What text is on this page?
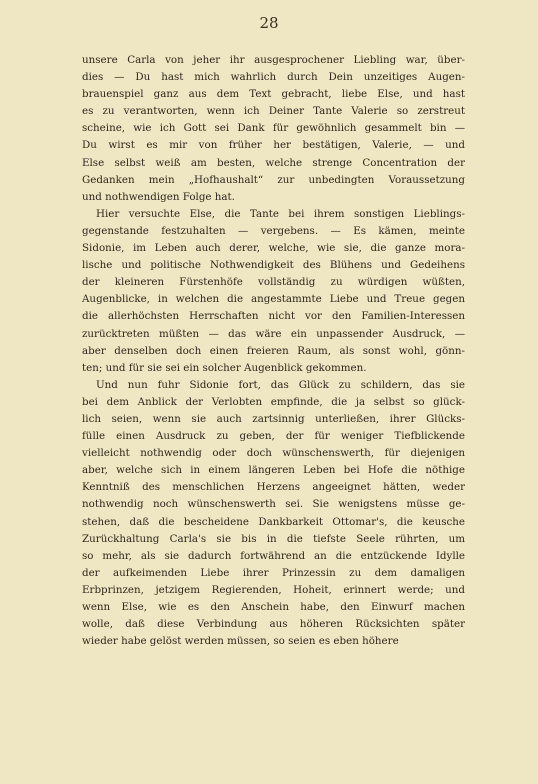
28
unsere Carla von jeher ihr ausgesprochener Liebling war, über-
dies — Du hast mich wahrlich durch Dein unzeitiges Augen-
brauenspiel ganz aus dem Text gebracht, liebe Else, und hast
es zu verantworten, wenn ich Deiner Tante Valerie so zerstreut
scheine, wie ich Gott sei Dank für gewöhnlich gesammelt bin —
Du wirst es mir von früher her bestätigen, Valerie, — und
Else selbst weiß am besten, welche strenge Concentration der
Gedanken mein „Hofhaushalt“ zur unbedingten Voraussetzung
und nothwendigen Folge hat.
Hier versuchte Else, die Tante bei ihrem sonstigen Lieblings-
gegenstande festzuhalten — vergebens. — Es kämen, meinte
Sidonie, im Leben auch derer, welche, wie sie, die ganze mora-
lische und politische Nothwendigkeit des Blühens und Gedeihens
der kleineren Fürstenhöfe vollständig zu würdigen wüßten,
Augenblicke, in welchen die angestammte Liebe und Treue gegen
die allerhöchsten Herrschaften nicht vor den Familien-Interessen
zurücktreten müßten — das wäre ein unpassender Ausdruck, —
aber denselben doch einen freieren Raum, als sonst wohl, gönn-
ten; und für sie sei ein solcher Augenblick gekommen.
Und nun fuhr Sidonie fort, das Glück zu schildern, das sie
bei dem Anblick der Verlobten empfinde, die ja selbst so glück-
lich seien, wenn sie auch zartsinnig unterließen, ihrer Glücks-
fülle einen Ausdruck zu geben, der für weniger Tiefblickende
vielleicht nothwendig oder doch wünschenswerth, für diejenigen
aber, welche sich in einem längeren Leben bei Hofe die nöthige
Kenntniß des menschlichen Herzens angeeignet hätten, weder
nothwendig noch wünschenswerth sei. Sie wenigstens müsse ge-
stehen, daß die bescheidene Dankbarkeit Ottomar's, die keusche
Zurückhaltung Carla's sie bis in die tiefste Seele rührten, um
so mehr, als sie dadurch fortwährend an die entzückende Idylle
der aufkeimenden Liebe ihrer Prinzessin zu dem damaligen
Erbprinzen, jetzigem Regierenden, Hoheit, erinnert werde; und
wenn Else, wie es den Anschein habe, den Einwurf machen
wolle, daß diese Verbindung aus höheren Rücksichten später
wieder habe gelöst werden müssen, so seien es eben höhere
